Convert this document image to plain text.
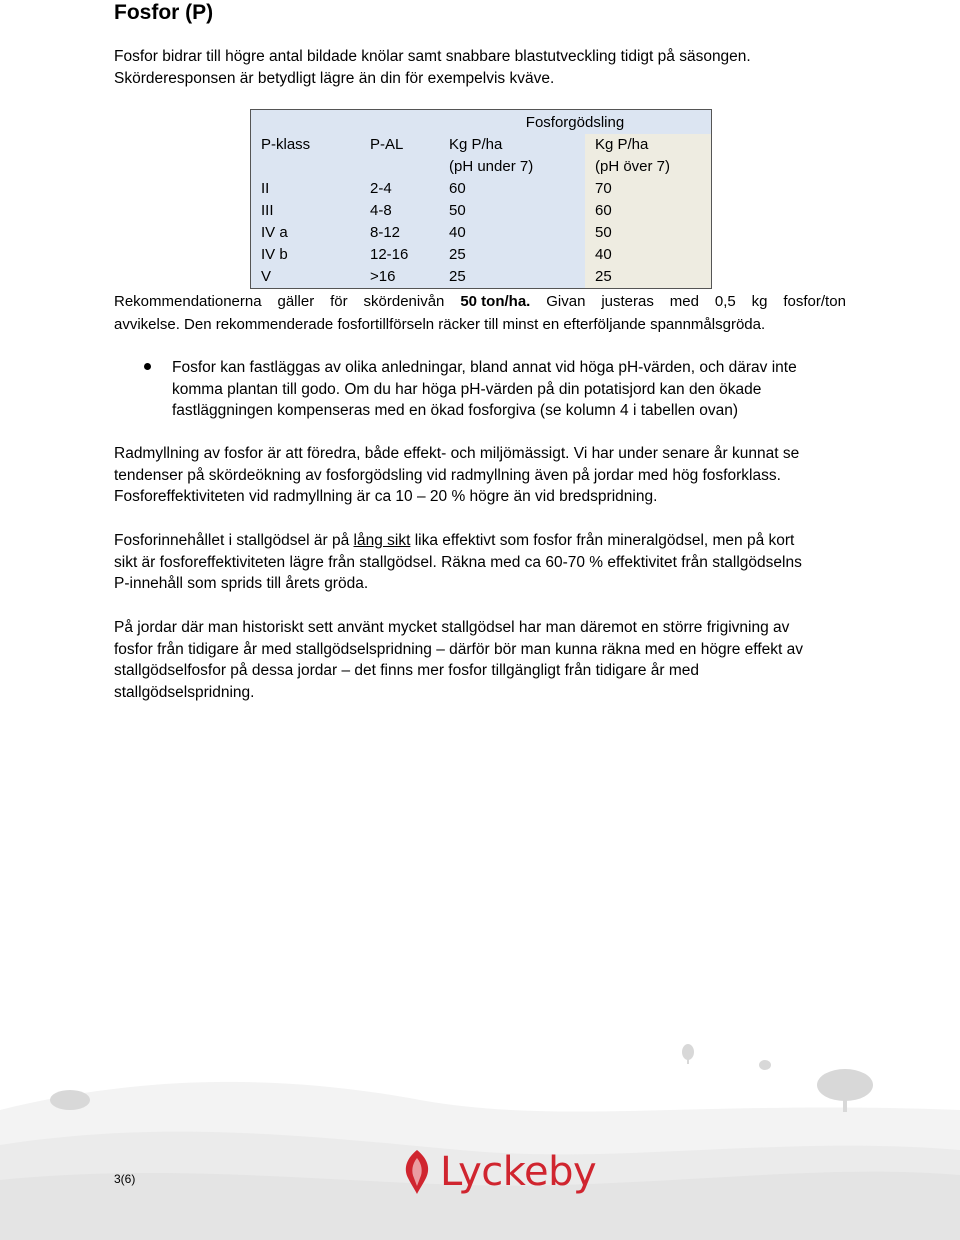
Fosfor (P)

Fosfor bidrar till högre antal bildade knölar samt snabbare blastutveckling tidigt på säsongen.
Skörderesponsen är betydligt lägre än din för exempelvis kväve.

		Fosforgödsling	
P-klass	P-AL	Kg P/ha	Kg P/ha
		(pH under 7)	(pH över 7)
II	2-4	60	70
III	4-8	50	60
IV a	8-12	40	50
IV b	12-16	25	40
V	>16	25	25
Rekommendationerna gäller för skördenivån 50 ton/ha. Givan justeras med 0,5 kg fosfor/ton
avvikelse. Den rekommenderade fosfortillförseln räcker till minst en efterföljande spannmålsgröda.
Fosfor kan fastläggas av olika anledningar, bland annat vid höga pH-värden, och därav inte
komma plantan till godo. Om du har höga pH-värden på din potatisjord kan den ökade
fastläggningen kompenseras med en ökad fosforgiva (se kolumn 4 i tabellen ovan)
Radmyllning av fosfor är att föredra, både effekt- och miljömässigt. Vi har under senare år kunnat se
tendenser på skördeökning av fosforgödsling vid radmyllning även på jordar med hög fosforklass.
Fosforeffektiviteten vid radmyllning är ca 10 – 20 % högre än vid bredspridning.
Fosforinnehållet i stallgödsel är på lång sikt lika effektivt som fosfor från mineralgödsel, men på kort
sikt är fosforeffektiviteten lägre från stallgödsel. Räkna med ca 60-70 % effektivitet från stallgödselns
P-innehåll som sprids till årets gröda.
På jordar där man historiskt sett använt mycket stallgödsel har man däremot en större frigivning av
fosfor från tidigare år med stallgödselspridning – därför bör man kunna räkna med en högre effekt av
stallgödselfosfor på dessa jordar – det finns mer fosfor tillgängligt från tidigare år med
stallgödselspridning.
3(6)	Lyckeby
